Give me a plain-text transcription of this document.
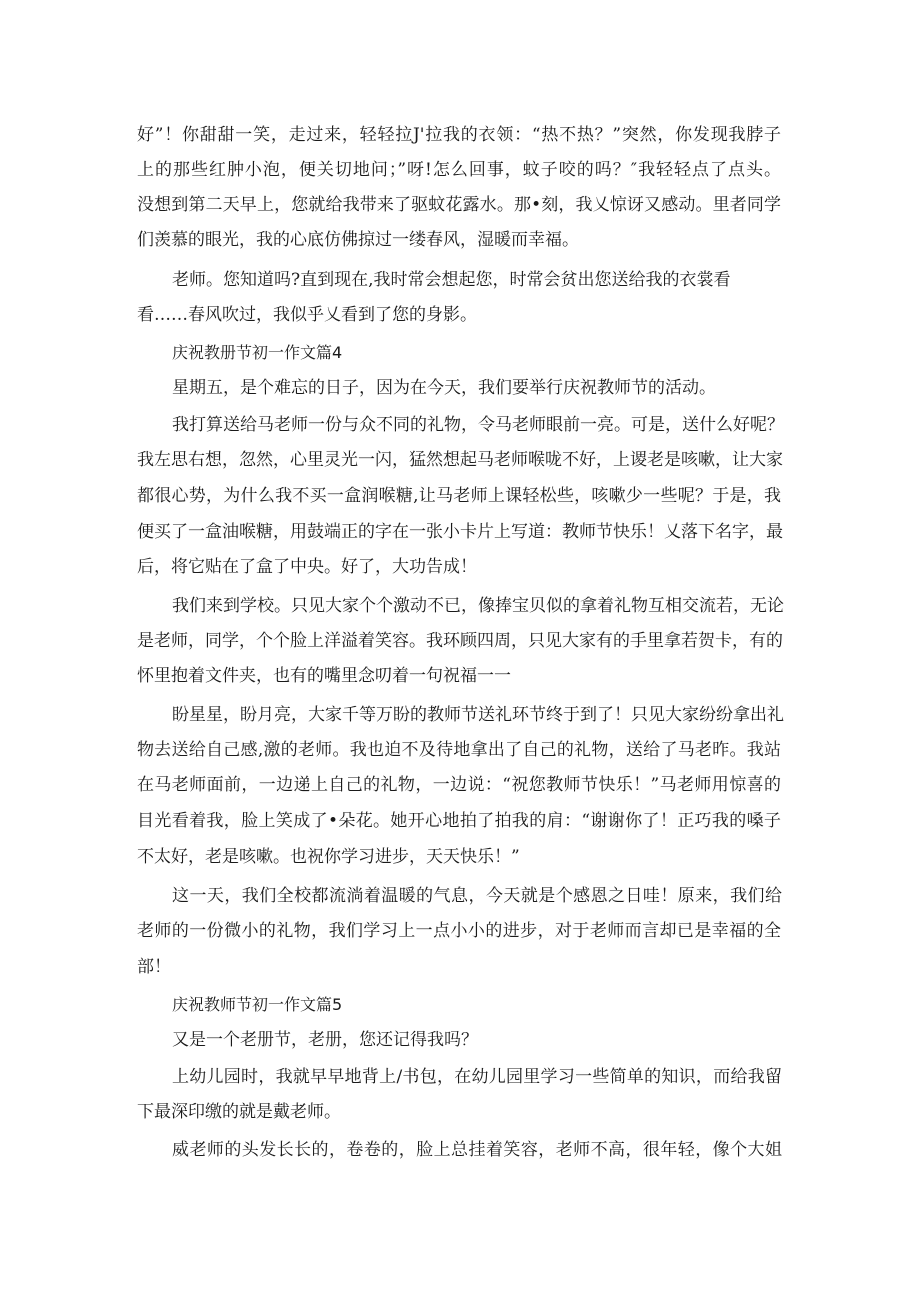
好”！你甜甜一笑，走过来，轻轻拉J'拉我的衣领：“热不热？”突然，你发现我脖子
上的那些红肿小泡，便关切地问；”呀!怎么回事，蚊子咬的吗？″我轻轻点了点头。
没想到第二天早上，您就给我带来了驱蚊花露水。那•刻，我乂惊讶又感动。里者同学
们羡慕的眼光，我的心底仿佛掠过一缕春风，湿暖而幸福。
老师。您知道吗?直到现在,我时常会想起您，时常会贫出您送给我的衣裳看
看……春风吹过，我似乎乂看到了您的身影。
庆祝教册节初一作文篇4
星期五，是个难忘的日子，因为在今天，我们要举行庆祝教师节的活动。
我打算送给马老师一份与众不同的礼物，令马老师眼前一亮。可是，送什么好呢？
我左思右想，忽然，心里灵光一闪，猛然想起马老师喉咙不好，上谡老是咳嗽，让大家
都很心势，为什么我不买一盒润喉糖,让马老师上课轻松些，咳嗽少一些呢？于是，我
便买了一盒油喉糖，用鼓端正的字在一张小卡片上写道：教师节快乐！乂落下名字，最
后，将它贴在了盒了中央。好了，大功告成！
我们来到学校。只见大家个个激动不已，像捧宝贝似的拿着礼物互相交流若，无论
是老师，同学，个个脸上洋溢着笑容。我环顾四周，只见大家有的手里拿若贺卡，有的
怀里抱着文件夹，也有的嘴里念叨着一句祝福一一
盼星星，盼月亮，大家千等万盼的教师节送礼环节终于到了！只见大家纷纷拿出礼
物去送给自己感,激的老师。我也迫不及待地拿出了自己的礼物，送给了马老昨。我站
在马老师面前，一边递上自己的礼物，一边说：“祝您教师节快乐！”马老师用惊喜的
目光看着我，脸上笑成了•朵花。她开心地拍了拍我的肩：“谢谢你了！正巧我的嗓子
不太好，老是咳嗽。也祝你学习进步，天天快乐！”
这一天，我们全校都流淌着温暖的气息，今天就是个感恩之日哇！原来，我们给
老师的一份微小的礼物，我们学习上一点小小的进步，对于老师而言却已是幸福的全
部！
庆祝教师节初一作文篇5
又是一个老册节，老册，您还记得我吗？
上幼儿园时，我就早早地背上/书包，在幼儿园里学习一些简单的知识，而给我留
下最深印缴的就是戴老师。
威老师的头发长长的，卷卷的，脸上总挂着笑容，老师不高，很年轻，像个大姐
